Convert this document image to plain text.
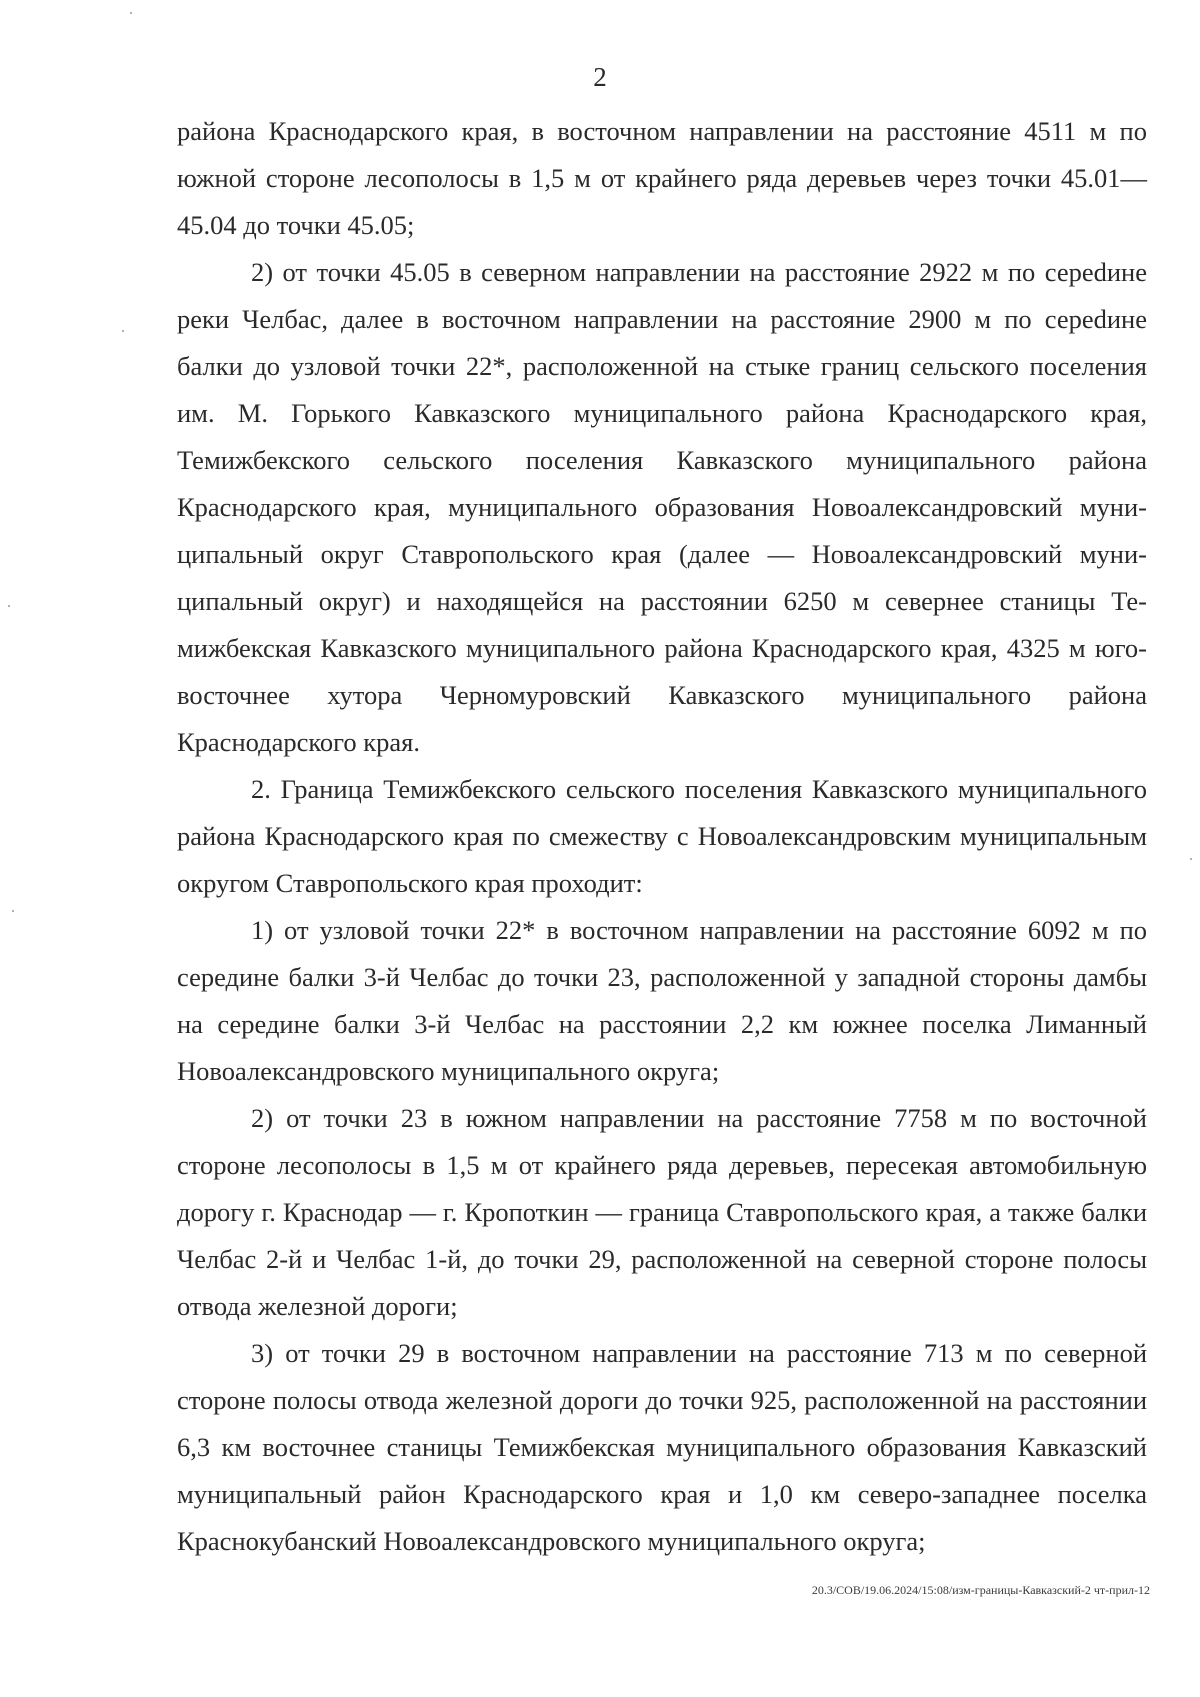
2

района Краснодарского края, в восточном направлении на расстояние 4511 м по южной стороне лесополосы в 1,5 м от крайнего ряда деревьев через точки 45.01—45.04 до точки 45.05;

2) от точки 45.05 в северном направлении на расстояние 2922 м по сереdине реки Челбас, далее в восточном направлении на расстояние 2900 м по сереdине балки до узловой точки 22*, расположенной на стыке границ сельского поселения им. М. Горького Кавказского муниципального района Краснодарского края, Темижбекского сельского поселения Кавказского муниципального района Краснодарского края, муниципального образования Новоалександровский муниципальный округ Ставропольского края (далее — Новоалександровский муниципальный округ) и находящейся на расстоянии 6250 м севернее станицы Темижбекская Кавказского муниципального района Краснодарского края, 4325 м юго-восточнее хутора Черномуровский Кавказского муниципального района Краснодарского края.

2. Граница Темижбекского сельского поселения Кавказского муниципального района Краснодарского края по смежеству с Новоалександровским муниципальным округом Ставропольского края проходит:

1) от узловой точки 22* в восточном направлении на расстояние 6092 м по середине балки 3-й Челбас до точки 23, расположенной у западной стороны дамбы на середине балки 3-й Челбас на расстоянии 2,2 км южнее поселка Лиманный Новоалександровского муниципального округа;

2) от точки 23 в южном направлении на расстояние 7758 м по восточной стороне лесополосы в 1,5 м от крайнего ряда деревьев, пересекая автомобильную дорогу г. Краснодар — г. Кропоткин — граница Ставропольского края, а также балки Челбас 2-й и Челбас 1-й, до точки 29, расположенной на северной стороне полосы отвода железной дороги;

3) от точки 29 в восточном направлении на расстояние 713 м по северной стороне полосы отвода железной дороги до точки 925, расположенной на расстоянии 6,3 км восточнее станицы Темижбекская муниципального образования Кавказский муниципальный район Краснодарского края и 1,0 км северо-западнее поселка Краснокубанский Новоалександровского муниципального округа;

20.3/СОВ/19.06.2024/15:08/изм-границы-Кавказский-2 чт-прил-12
